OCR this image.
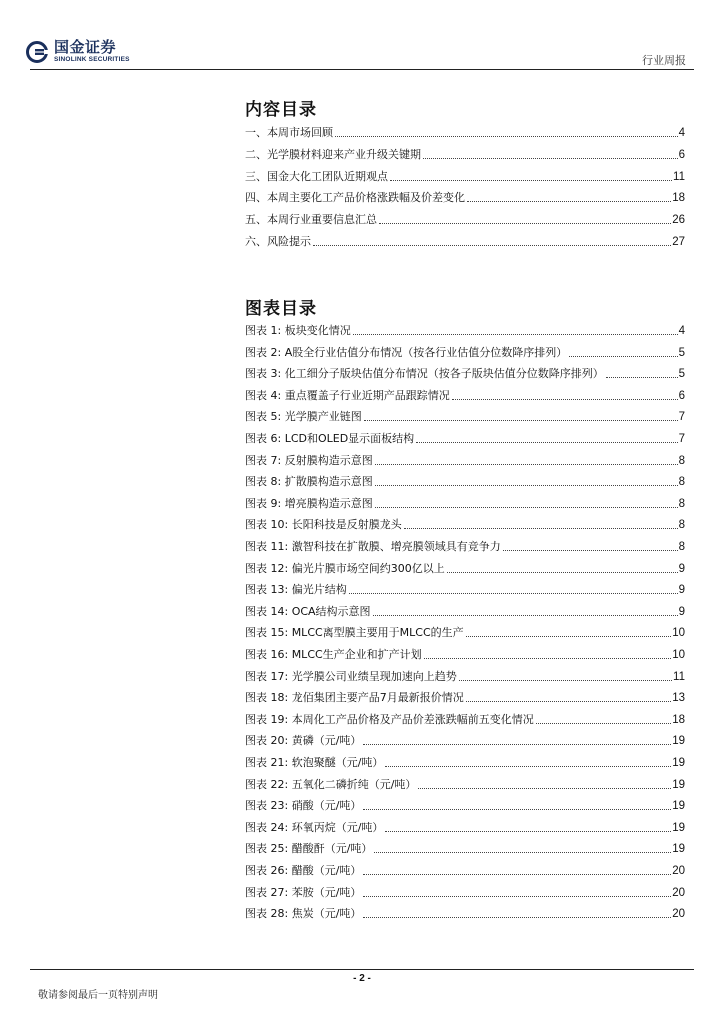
国金证券
SINOLINK SECURITIES	行业周报
内容目录
一、本周市场回顾	4
二、光学膜材料迎来产业升级关键期	6
三、国金大化工团队近期观点	11
四、本周主要化工产品价格涨跌幅及价差变化	18
五、本周行业重要信息汇总	26
六、风险提示	27
图表目录
图表 1: 板块变化情况	4
图表 2: A股全行业估值分布情况（按各行业估值分位数降序排列）	5
图表 3: 化工细分子版块估值分布情况（按各子版块估值分位数降序排列）	5
图表 4: 重点覆盖子行业近期产品跟踪情况	6
图表 5: 光学膜产业链图	7
图表 6: LCD和OLED显示面板结构	7
图表 7: 反射膜构造示意图	8
图表 8: 扩散膜构造示意图	8
图表 9: 增亮膜构造示意图	8
图表 10: 长阳科技是反射膜龙头	8
图表 11: 激智科技在扩散膜、增亮膜领域具有竞争力	8
图表 12: 偏光片膜市场空间约300亿以上	9
图表 13: 偏光片结构	9
图表 14: OCA结构示意图	9
图表 15: MLCC离型膜主要用于MLCC的生产	10
图表 16: MLCC生产企业和扩产计划	10
图表 17: 光学膜公司业绩呈现加速向上趋势	11
图表 18: 龙佰集团主要产品7月最新报价情况	13
图表 19: 本周化工产品价格及产品价差涨跌幅前五变化情况	18
图表 20: 黄磷（元/吨）	19
图表 21: 软泡聚醚（元/吨）	19
图表 22: 五氧化二磷折纯（元/吨）	19
图表 23: 硝酸（元/吨）	19
图表 24: 环氧丙烷（元/吨）	19
图表 25: 醋酸酐（元/吨）	19
图表 26: 醋酸（元/吨）	20
图表 27: 苯胺（元/吨）	20
图表 28: 焦炭（元/吨）	20
- 2 -
敬请参阅最后一页特别声明
